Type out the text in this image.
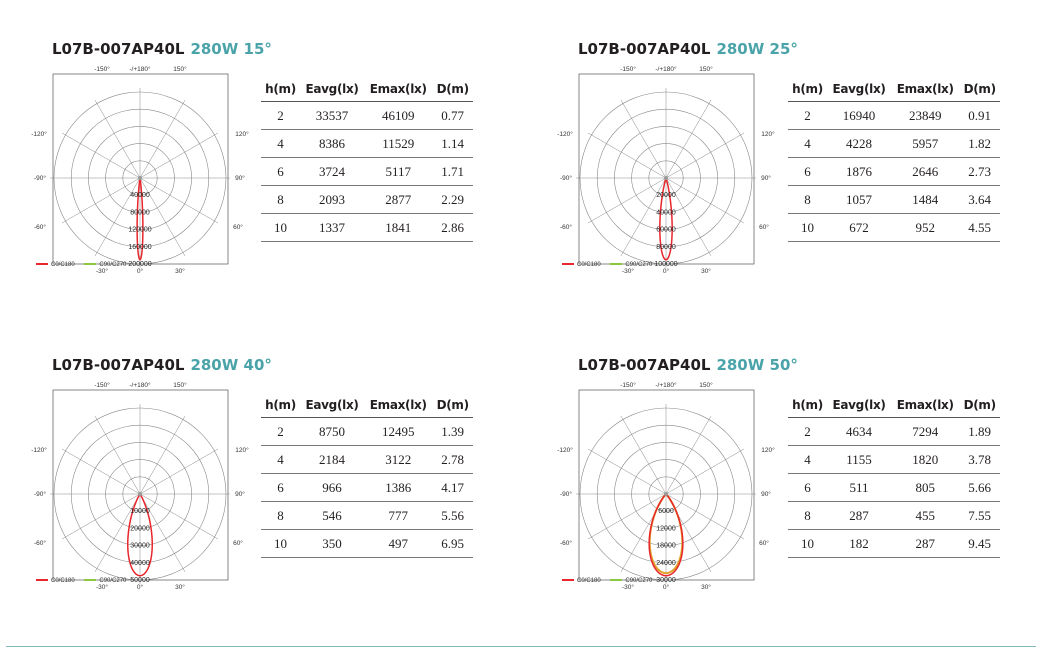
L07B-007AP40L 280W 15°
-150°	-/+180°	150°
-120°	120°
-90°	90°
-60°	60°
-30°	0°	30°
40000
80000
120000
160000
200000
C0/C180	C90/C270
h(m)	Eavg(lx)	Emax(lx)	D(m)
2	33537	46109	0.77
4	8386	11529	1.14
6	3724	5117	1.71
8	2093	2877	2.29
10	1337	1841	2.86
L07B-007AP40L 280W 25°
-150°	-/+180°	150°
-120°	120°
-90°	90°
-60°	60°
-30°	0°	30°
20000
40000
60000
80000
100000
C0/C180	C90/C270
h(m)	Eavg(lx)	Emax(lx)	D(m)
2	16940	23849	0.91
4	4228	5957	1.82
6	1876	2646	2.73
8	1057	1484	3.64
10	672	952	4.55
L07B-007AP40L 280W 40°
-150°	-/+180°	150°
-120°	120°
-90°	90°
-60°	60°
-30°	0°	30°
10000
20000
30000
40000
50000
C0/C180	C90/C270
h(m)	Eavg(lx)	Emax(lx)	D(m)
2	8750	12495	1.39
4	2184	3122	2.78
6	966	1386	4.17
8	546	777	5.56
10	350	497	6.95
L07B-007AP40L 280W 50°
-150°	-/+180°	150°
-120°	120°
-90°	90°
-60°	60°
-30°	0°	30°
6000
12000
18000
24000
30000
C0/C180	C90/C270
h(m)	Eavg(lx)	Emax(lx)	D(m)
2	4634	7294	1.89
4	1155	1820	3.78
6	511	805	5.66
8	287	455	7.55
10	182	287	9.45
